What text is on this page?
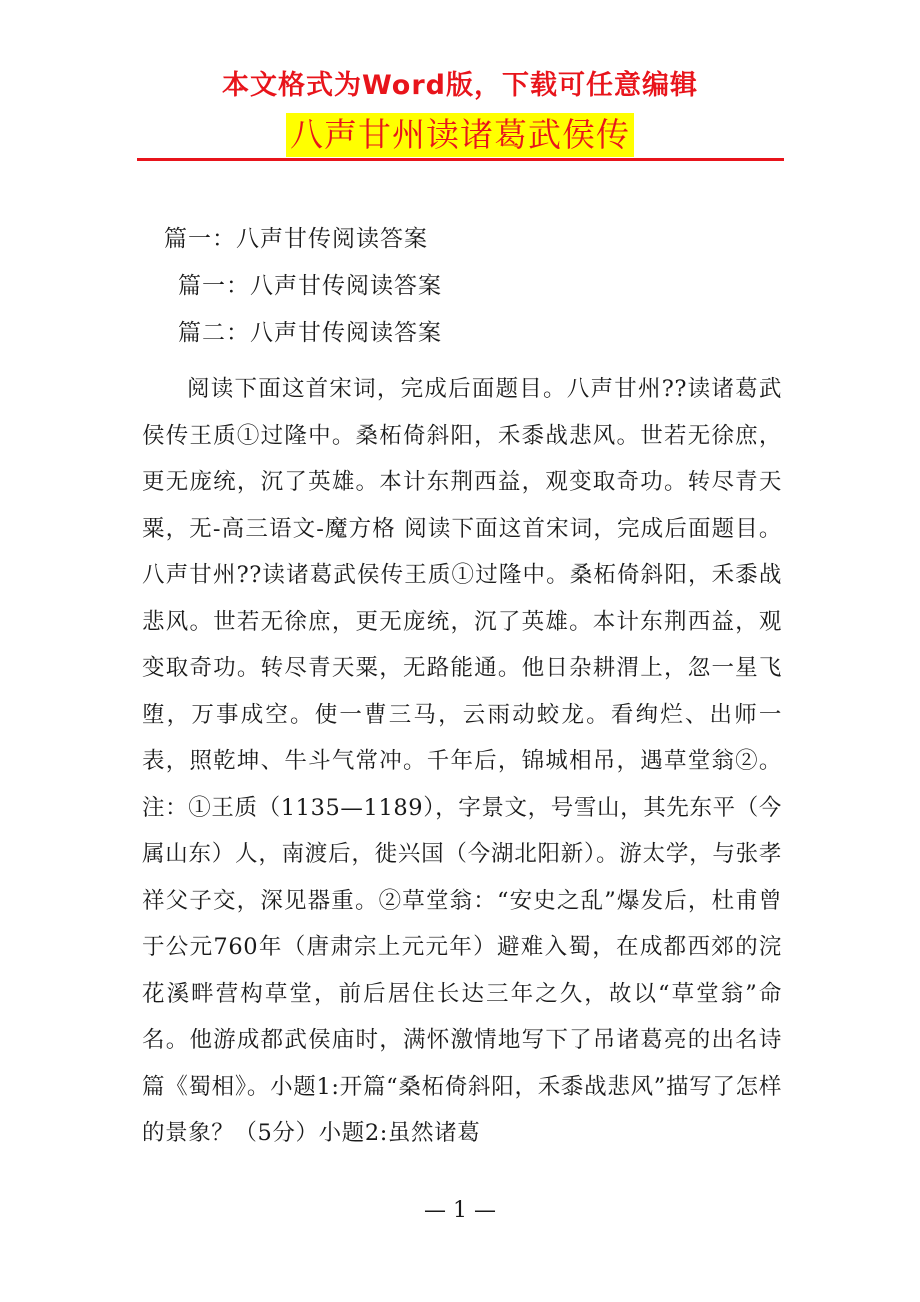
本文格式为Word版，下载可任意编辑
八声甘州读诸葛武侯传
篇一：八声甘传阅读答案
篇一：八声甘传阅读答案
篇二：八声甘传阅读答案
阅读下面这首宋词，完成后面题目。八声甘州??读诸葛武侯传王质①过隆中。桑柘倚斜阳，禾黍战悲风。世若无徐庶，更无庞统，沉了英雄。本计东荆西益，观变取奇功。转尽青天粟，无-高三语文-魔方格 阅读下面这首宋词，完成后面题目。八声甘州??读诸葛武侯传王质①过隆中。桑柘倚斜阳，禾黍战悲风。世若无徐庶，更无庞统，沉了英雄。本计东荆西益，观变取奇功。转尽青天粟，无路能通。他日杂耕渭上，忽一星飞堕，万事成空。使一曹三马，云雨动蛟龙。看绚烂、出师一表，照乾坤、牛斗气常冲。千年后，锦城相吊，遇草堂翁②。注：①王质（1135—1189），字景文，号雪山，其先东平（今属山东）人，南渡后，徙兴国（今湖北阳新）。游太学，与张孝祥父子交，深见器重。②草堂翁：“安史之乱”爆发后，杜甫曾于公元760年（唐肃宗上元元年）避难入蜀，在成都西郊的浣花溪畔营构草堂，前后居住长达三年之久，故以“草堂翁”命名。他游成都武侯庙时，满怀激情地写下了吊诸葛亮的出名诗篇《蜀相》。小题1:开篇“桑柘倚斜阳，禾黍战悲风”描写了怎样的景象？（5分）小题2:虽然诸葛
— 1 —
